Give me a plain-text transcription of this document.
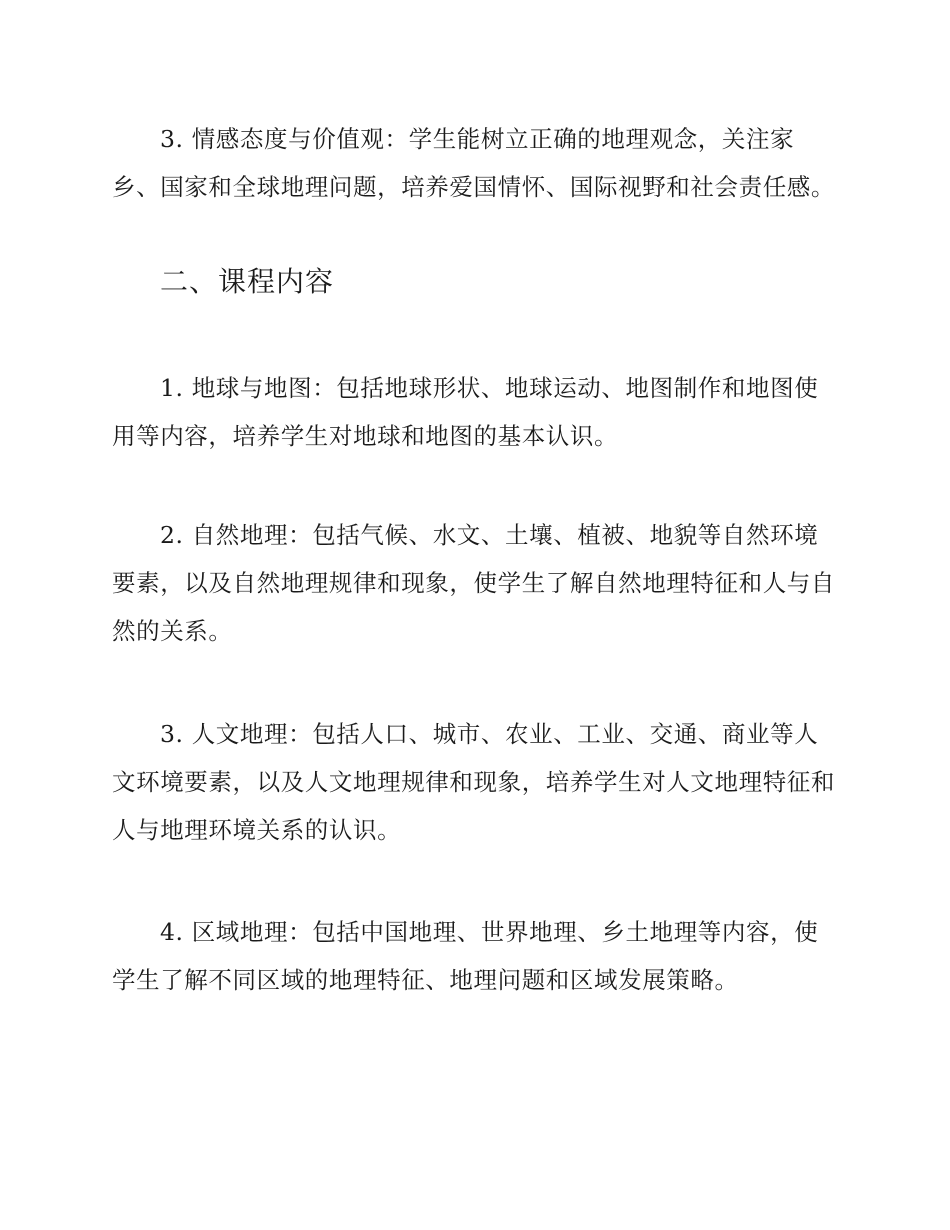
3. 情感态度与价值观：学生能树立正确的地理观念，关注家乡、国家和全球地理问题，培养爱国情怀、国际视野和社会责任感。

二、课程内容

1. 地球与地图：包括地球形状、地球运动、地图制作和地图使用等内容，培养学生对地球和地图的基本认识。

2. 自然地理：包括气候、水文、土壤、植被、地貌等自然环境要素，以及自然地理规律和现象，使学生了解自然地理特征和人与自然的关系。

3. 人文地理：包括人口、城市、农业、工业、交通、商业等人文环境要素，以及人文地理规律和现象，培养学生对人文地理特征和人与地理环境关系的认识。

4. 区域地理：包括中国地理、世界地理、乡土地理等内容，使学生了解不同区域的地理特征、地理问题和区域发展策略。
